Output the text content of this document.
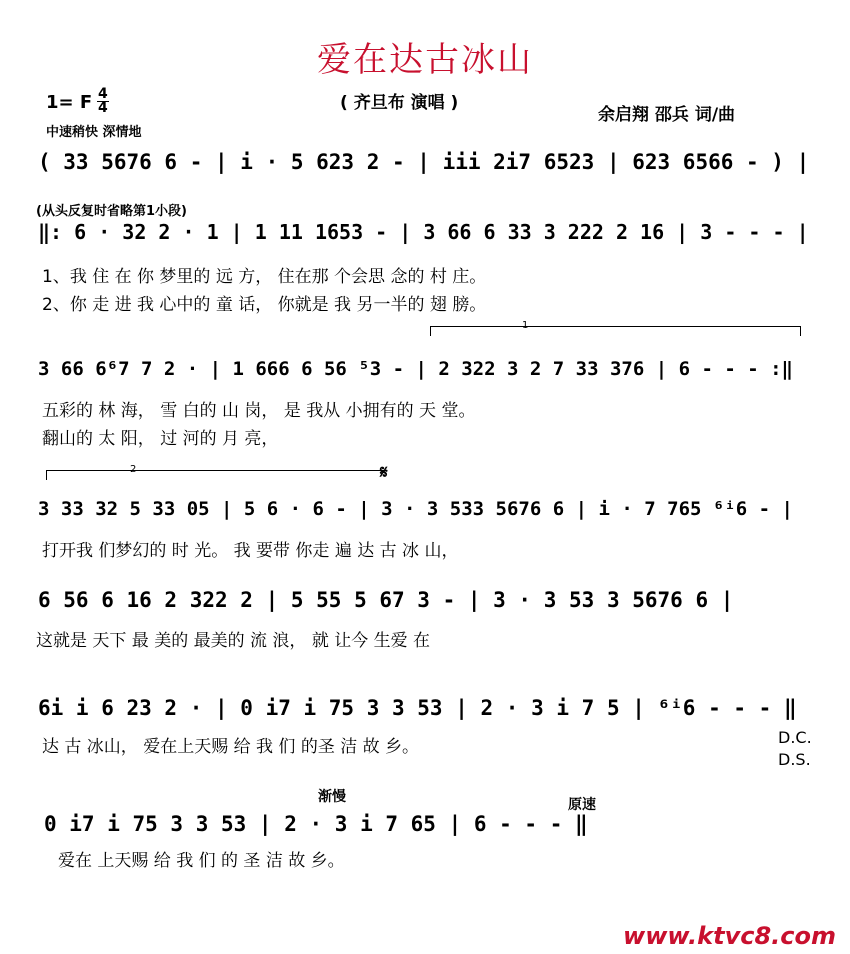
爱在达古冰山
( 齐旦布 演唱 )
1= F 4
4	余启翔 邵兵 词/曲
中速稍快 深情地
( 33 5676 6 - | i · 5 623 2 - | iii 2i7 6523 | 623 6566 - ) |
(从头反复时省略第1小段)
‖: 6 · 32 2 · 1 | 1 11 1653 - | 3 66 6 33 3 222 2 16 | 3 - - - |
1、我 住 在 你 梦里的 远 方， 住在那 个会思 念的 村 庄。
2、你 走 进 我 心中的 童 话， 你就是 我 另一半的 翅 膀。
1
3 66 6⁶7 7 2 · | 1 666 6 56 ⁵3 - | 2 322 3 2 7 33 376 | 6 - - - :‖
五彩的 林 海， 雪 白的 山 岗， 是 我从 小拥有的 天 堂。
翻山的 太 阳， 过 河的 月 亮，
2	𝄋
3 33 32 5 33 05 | 5 6 · 6 - | 3 · 3 533 5676 6 | i · 7 765 ⁶ⁱ6 - |
打开我 们梦幻的 时 光。 我 要带 你走 遍 达 古 冰 山，
6 56 6 16 2 322 2 | 5 55 5 67 3 - | 3 · 3 53 3 5676 6 |
这就是 天下 最 美的 最美的 流 浪， 就 让今 生爱 在
6i i 6 23 2 · | 0 i7 i 75 3 3 53 | 2 · 3 i 7 5 | ⁶ⁱ6 - - - ‖
达 古 冰山， 爱在上天赐 给 我 们 的圣 洁 故 乡。	D.C.
D.S.
渐慢	原速
0 i7 i 75 3 3 53 | 2 · 3 i 7 65 | 6 - - - ‖
爱在 上天赐 给 我 们 的 圣 洁 故 乡。
www.ktvc8.com
